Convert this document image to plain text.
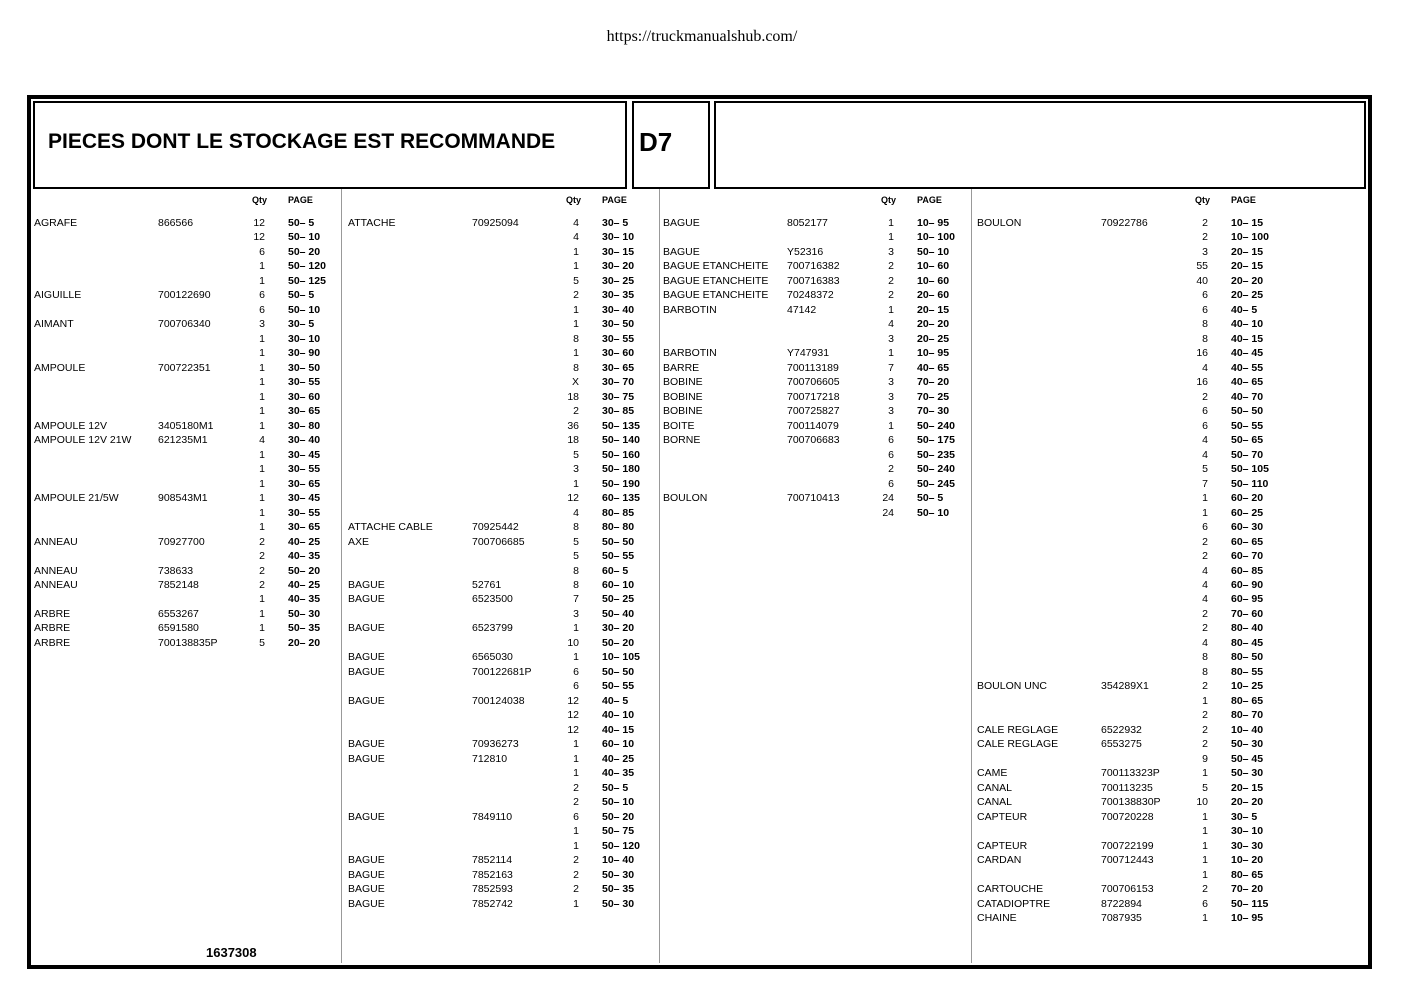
https://truckmanualshub.com/
PIECES DONT LE STOCKAGE EST RECOMMANDE	D7
Qty PAGE
AGRAFE	866566	12 50– 5
12 50– 10
6 50– 20
1 50– 120
1 50– 125
AIGUILLE	700122690	6 50– 5
6 50– 10
AIMANT	700706340	3 30– 5
1 30– 10
1 30– 90
AMPOULE	700722351	1 30– 50
1 30– 55
1 30– 60
1 30– 65
AMPOULE 12V	3405180M1	1 30– 80
AMPOULE 12V 21W	621235M1	4 30– 40
1 30– 45
1 30– 55
1 30– 65
AMPOULE 21/5W	908543M1	1 30– 45
1 30– 55
1 30– 65
ANNEAU	70927700	2 40– 25
2 40– 35
ANNEAU	738633	2 50– 20
ANNEAU	7852148	2 40– 25
1 40– 35
ARBRE	6553267	1 50– 30
ARBRE	6591580	1 50– 35
ARBRE	700138835P	5 20– 20
Qty PAGE
ATTACHE	70925094	4 30– 5
4 30– 10
1 30– 15
1 30– 20
5 30– 25
2 30– 35
1 30– 40
1 30– 50
8 30– 55
1 30– 60
8 30– 65
X 30– 70
18 30– 75
2 30– 85
36 50– 135
18 50– 140
5 50– 160
3 50– 180
1 50– 190
12 60– 135
4 80– 85
ATTACHE CABLE	70925442	8 80– 80
AXE	700706685	5 50– 50
5 50– 55
8 60– 5
BAGUE	52761	8 60– 10
BAGUE	6523500	7 50– 25
3 50– 40
BAGUE	6523799	1 30– 20
10 50– 20
BAGUE	6565030	1 10– 105
BAGUE	700122681P	6 50– 50
6 50– 55
BAGUE	700124038	12 40– 5
12 40– 10
12 40– 15
BAGUE	70936273	1 60– 10
BAGUE	712810	1 40– 25
1 40– 35
2 50– 5
2 50– 10
BAGUE	7849110	6 50– 20
1 50– 75
1 50– 120
BAGUE	7852114	2 10– 40
BAGUE	7852163	2 50– 30
BAGUE	7852593	2 50– 35
BAGUE	7852742	1 50– 30
Qty PAGE
BAGUE	8052177	1 10– 95
1 10– 100
BAGUE	Y52316	3 50– 10
BAGUE ETANCHEITE 700716382	2 10– 60
BAGUE ETANCHEITE 700716383	2 10– 60
BAGUE ETANCHEITE 70248372	2 20– 60
BARBOTIN	47142	1 20– 15
4 20– 20
3 20– 25
BARBOTIN	Y747931	1 10– 95
BARRE	700113189	7 40– 65
BOBINE	700706605	3 70– 20
BOBINE	700717218	3 70– 25
BOBINE	700725827	3 70– 30
BOITE	700114079	1 50– 240
BORNE	700706683	6 50– 175
6 50– 235
2 50– 240
6 50– 245
BOULON	700710413	24 50– 5
24 50– 10
Qty PAGE
BOULON	70922786	2 10– 15
2 10– 100
3 20– 15
55 20– 15
40 20– 20
6 20– 25
6 40– 5
8 40– 10
8 40– 15
16 40– 45
4 40– 55
16 40– 65
2 40– 70
6 50– 50
6 50– 55
4 50– 65
4 50– 70
5 50– 105
7 50– 110
1 60– 20
1 60– 25
6 60– 30
2 60– 65
2 60– 70
4 60– 85
4 60– 90
4 60– 95
2 70– 60
2 80– 40
4 80– 45
8 80– 50
8 80– 55
BOULON UNC	354289X1	2 10– 25
1 80– 65
2 80– 70
CALE REGLAGE	6522932	2 10– 40
CALE REGLAGE	6553275	2 50– 30
9 50– 45
CAME	700113323P	1 50– 30
CANAL	700113235	5 20– 15
CANAL	700138830P	10 20– 20
CAPTEUR	700720228	1 30– 5
1 30– 10
CAPTEUR	700722199	1 30– 30
CARDAN	700712443	1 10– 20
1 80– 65
CARTOUCHE	700706153	2 70– 20
CATADIOPTRE	8722894	6 50– 115
CHAINE	7087935	1 10– 95
1637308
